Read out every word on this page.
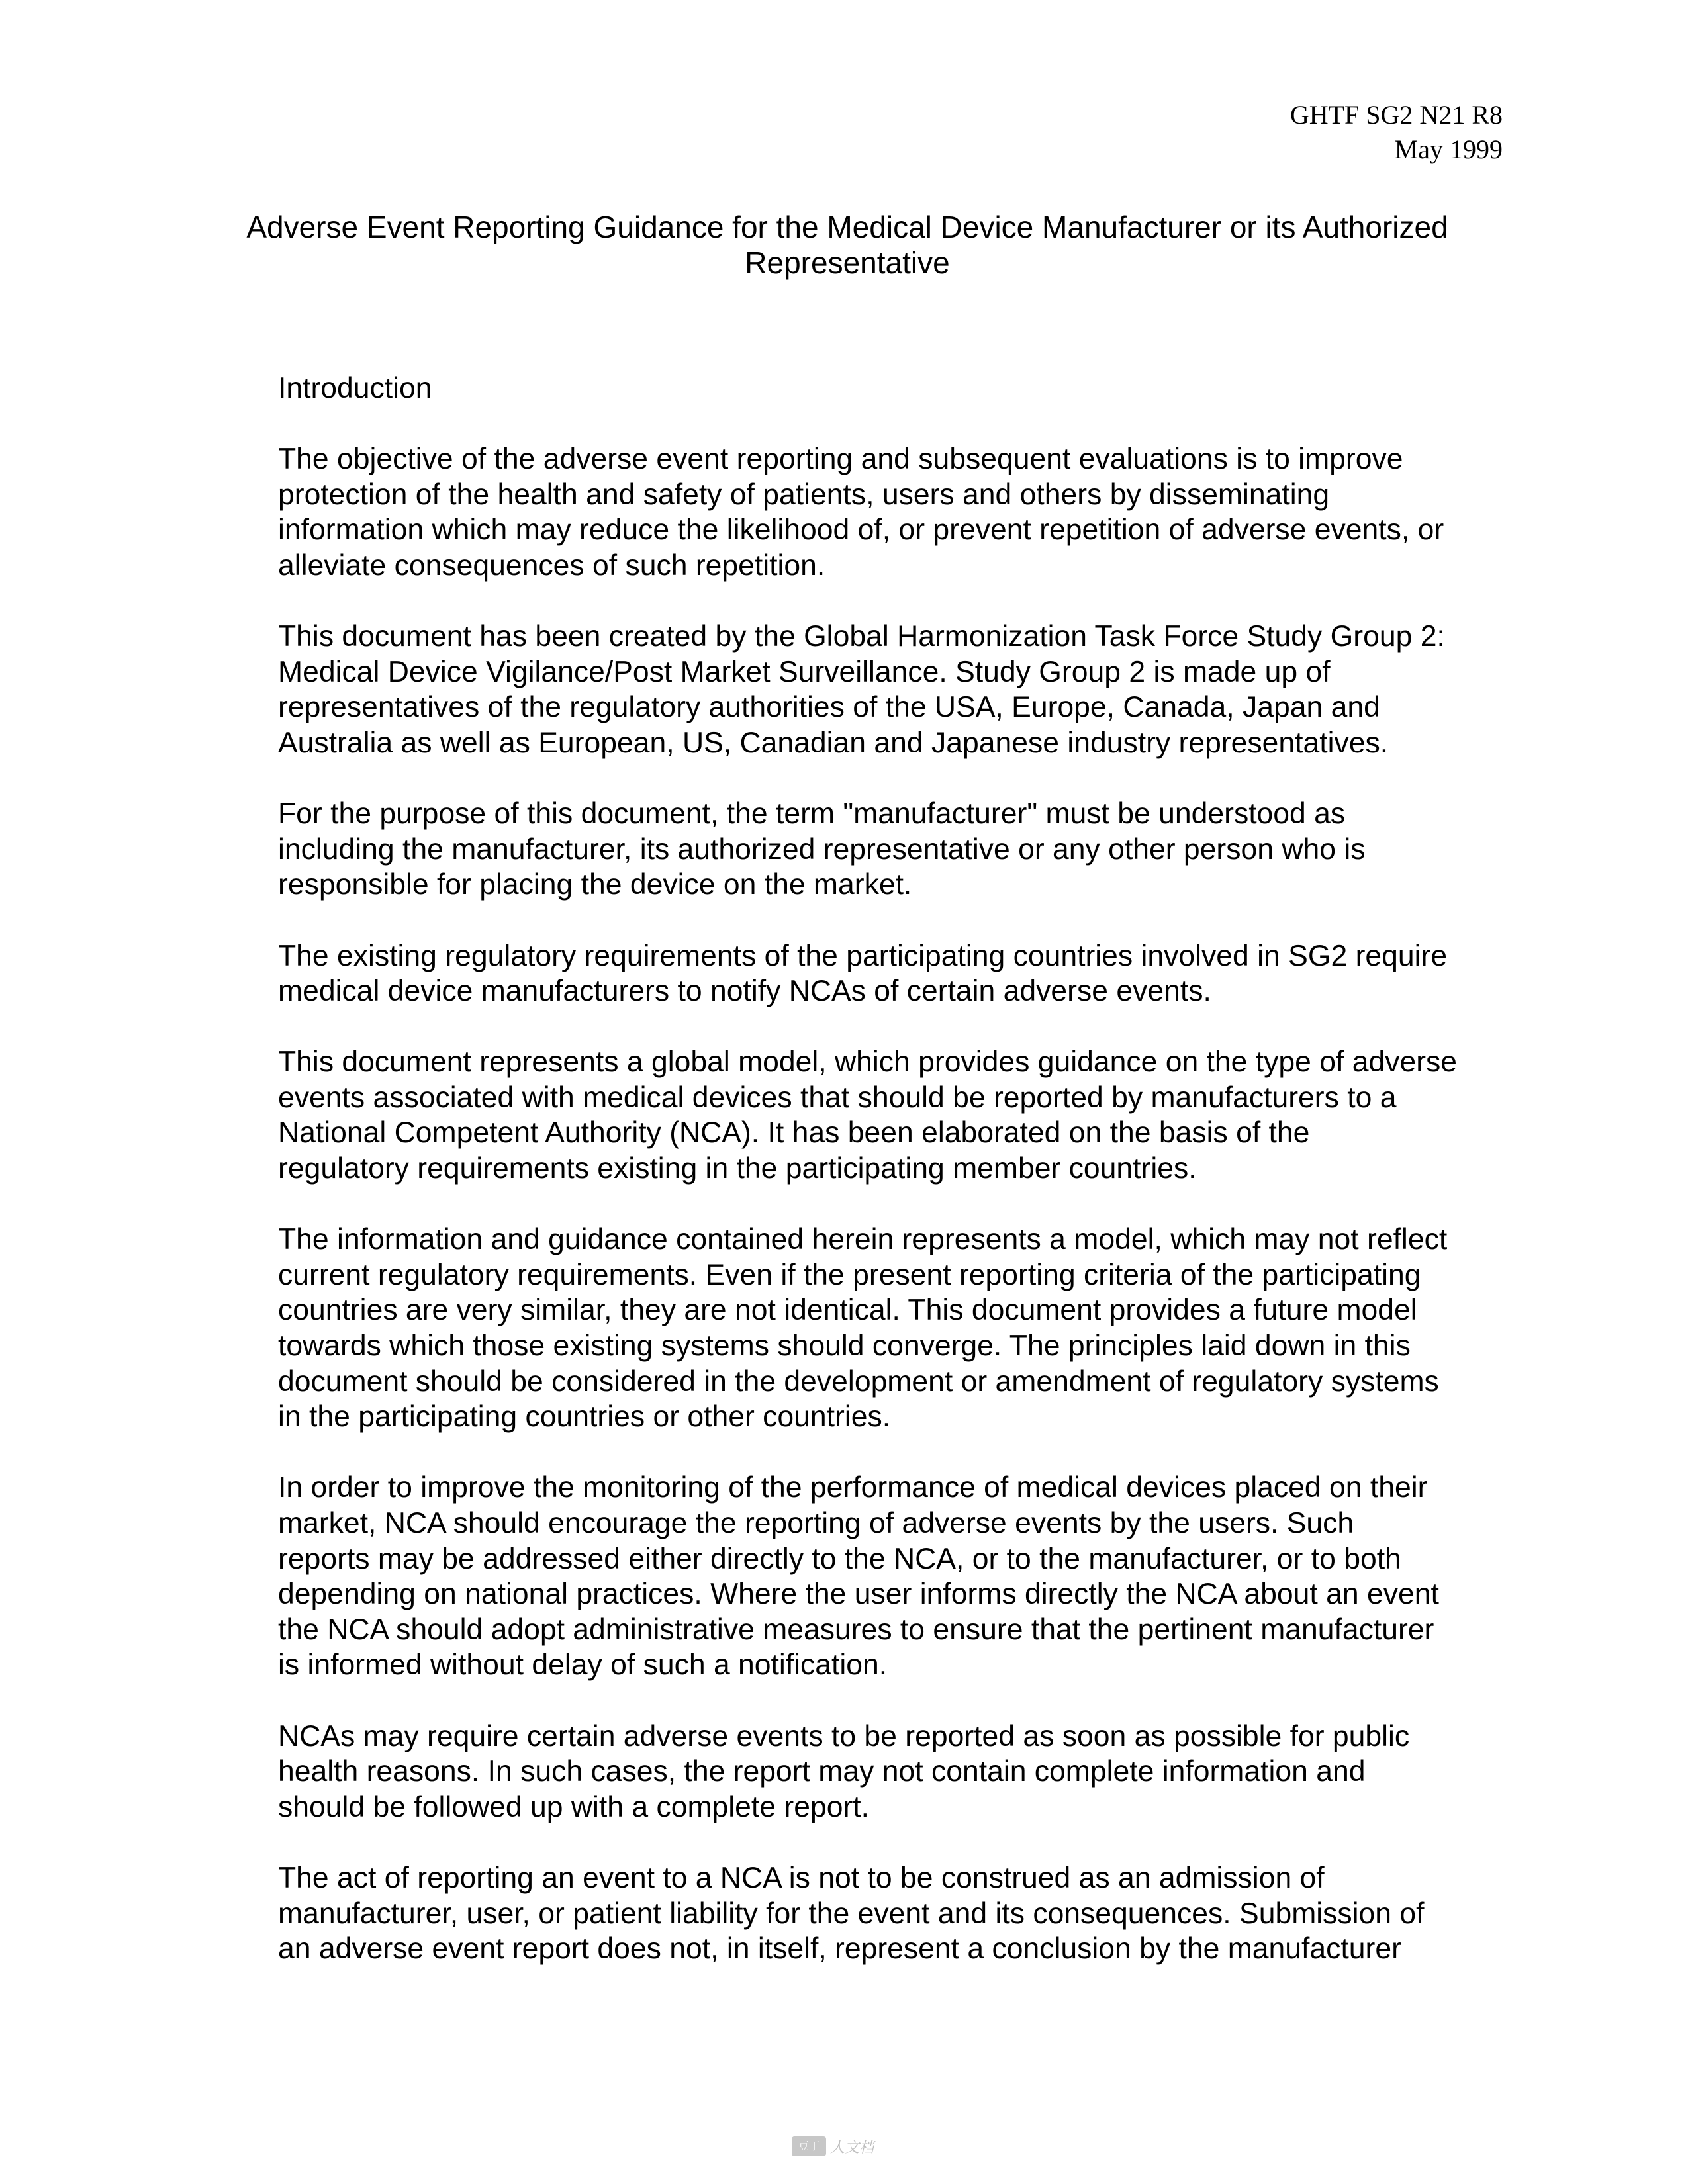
GHTF SG2 N21 R8
May 1999
Adverse Event Reporting Guidance for the Medical Device Manufacturer or its Authorized
Representative
Introduction
The objective of the adverse event reporting and subsequent evaluations is to improve
protection of the health and safety of patients, users and others by disseminating
information which may reduce the likelihood of, or prevent repetition of adverse events, or
alleviate consequences of such repetition.
This document has been created by the Global Harmonization Task Force Study Group 2:
Medical Device Vigilance/Post Market Surveillance. Study Group 2 is made up of
representatives of the regulatory authorities of the USA, Europe, Canada, Japan and
Australia as well as European, US, Canadian and Japanese industry representatives.
For the purpose of this document, the term "manufacturer" must be understood as
including the manufacturer, its authorized representative or any other person who is
responsible for placing the device on the market.
The existing regulatory requirements of the participating countries involved in SG2 require
medical device manufacturers to notify NCAs of certain adverse events.
This document represents a global model, which provides guidance on the type of adverse
events associated with medical devices that should be reported by manufacturers to a
National Competent Authority (NCA). It has been elaborated on the basis of the
regulatory requirements existing in the participating member countries.
The information and guidance contained herein represents a model, which may not reflect
current regulatory requirements. Even if the present reporting criteria of the participating
countries are very similar, they are not identical. This document provides a future model
towards which those existing systems should converge. The principles laid down in this
document should be considered in the development or amendment of regulatory systems
in the participating countries or other countries.
In order to improve the monitoring of the performance of medical devices placed on their
market, NCA should encourage the reporting of adverse events by the users. Such
reports may be addressed either directly to the NCA, or to the manufacturer, or to both
depending on national practices. Where the user informs directly the NCA about an event
the NCA should adopt administrative measures to ensure that the pertinent manufacturer
is informed without delay of such a notification.
NCAs may require certain adverse events to be reported as soon as possible for public
health reasons. In such cases, the report may not contain complete information and
should be followed up with a complete report.
The act of reporting an event to a NCA is not to be construed as an admission of
manufacturer, user, or patient liability for the event and its consequences. Submission of
an adverse event report does not, in itself, represent a conclusion by the manufacturer
豆丁 人文档
